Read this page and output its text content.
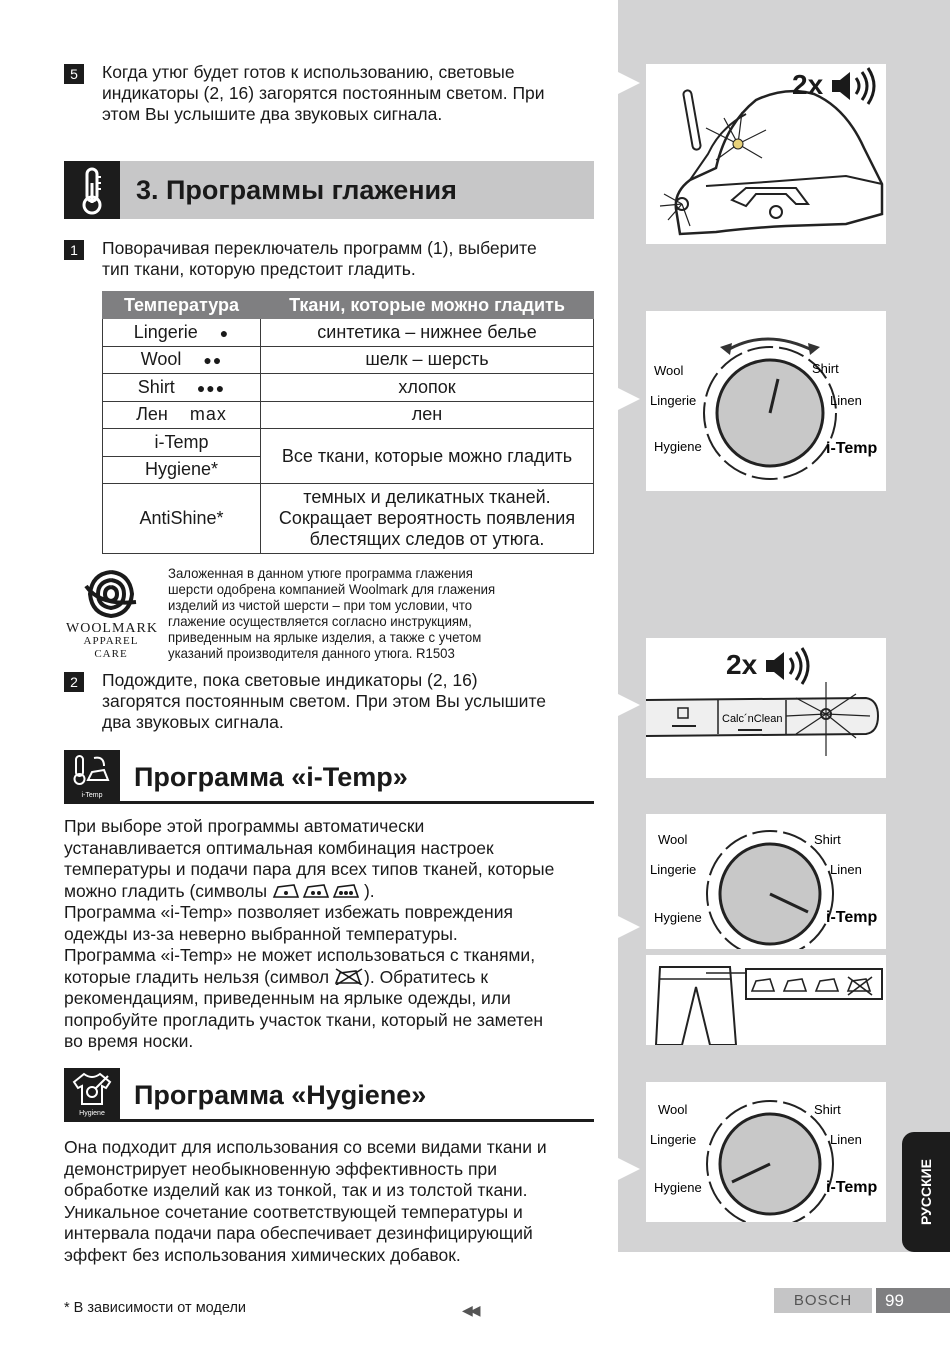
2x
Wool	Shirt
Lingerie	Linen
Hygiene	i-Temp
2x
Calc´nClean
Wool	Shirt
Lingerie	Linen
Hygiene	i-Temp
Wool	Shirt
Lingerie	Linen
Hygiene	i-Temp
5	Когда утюг будет готов к использованию, световые
индикаторы (2, 16) загорятся постоянным светом. При
этом Вы услышите два звуковых сигнала.
3. Программы глажения
1	Поворачивая переключатель программ (1), выберите
тип ткани, которую предстоит гладить.
Температура	Ткани, которые можно гладить
Lingerie ●	синтетика – нижнее белье
Wool ●●	шелк – шерсть
Shirt ●●●	хлопок
Лен max	лен
i-Temp	Все ткани, которые можно гладить
Hygiene*	
AntiShine*	темных и деликатных тканей.
Сокращает вероятность появления
блестящих следов от утюга.
WOOLMARK
APPAREL CARE
Заложенная в данном утюге программа глажения
шерсти одобрена компанией Woolmark для глажения
изделий из чистой шерсти – при том условии, что
глажение осуществляется согласно инструкциям,
приведенным на ярлыке изделия, а также с учетом
указаний производителя данного утюга. R1503
2	Подождите, пока световые индикаторы (2, 16)
загорятся постоянным светом. При этом Вы услышите
два звуковых сигнала.
i-Temp
Программа «i-Temp»
При выборе этой программы автоматически
устанавливается оптимальная комбинация настроек
температуры и подачи пара для всех типов тканей, которые
можно гладить (символы	).
Программа «i-Temp» позволяет избежать повреждения
одежды из-за неверно выбранной температуры.
Программа «i-Temp» не может использоваться с тканями,
которые гладить нельзя (символ ). Обратитесь к
рекомендациям, приведенным на ярлыке одежды, или
попробуйте прогладить участок ткани, который не заметен
во время носки.
Hygiene
Программа «Hygiene»
Она подходит для использования со всеми видами ткани и
демонстрирует необыкновенную эффективность при
обработке изделий как из тонкой, так и из толстой ткани.
Уникальное сочетание соответствующей температуры и
интервала подачи пара обеспечивает дезинфицирующий
эффект без использования химических добавок.
* В зависимости от модели	◀◀
BOSCH	99
РУССКИЕ
